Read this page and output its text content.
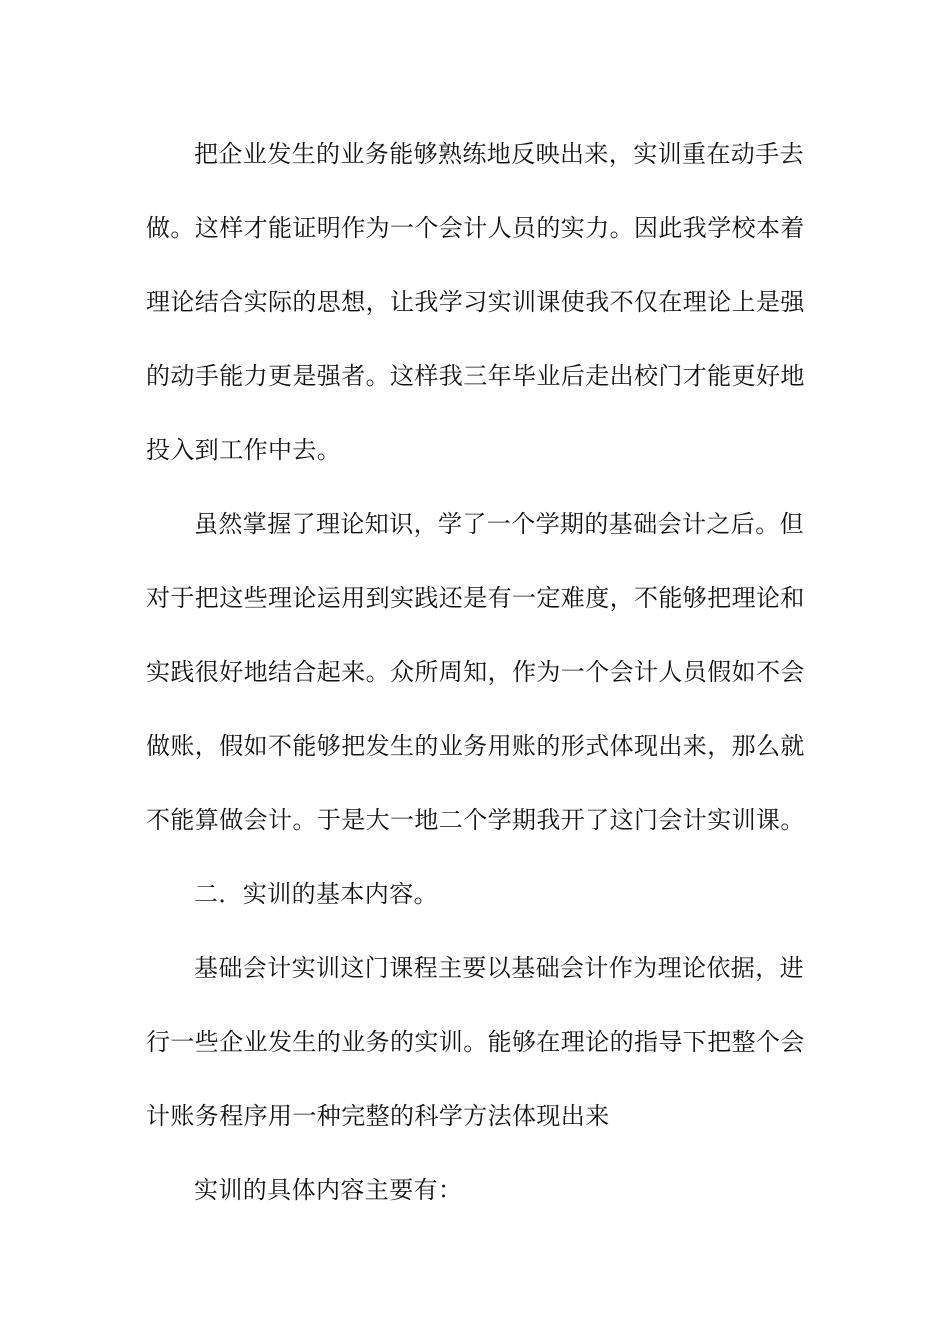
把企业发生的业务能够熟练地反映出来，实训重在动手去
做。这样才能证明作为一个会计人员的实力。因此我学校本着
理论结合实际的思想，让我学习实训课使我不仅在理论上是强
的动手能力更是强者。这样我三年毕业后走出校门才能更好地
投入到工作中去。
虽然掌握了理论知识，学了一个学期的基础会计之后。但
对于把这些理论运用到实践还是有一定难度，不能够把理论和
实践很好地结合起来。众所周知，作为一个会计人员假如不会
做账，假如不能够把发生的业务用账的形式体现出来，那么就
不能算做会计。于是大一地二个学期我开了这门会计实训课。
二．实训的基本内容。
基础会计实训这门课程主要以基础会计作为理论依据，进
行一些企业发生的业务的实训。能够在理论的指导下把整个会
计账务程序用一种完整的科学方法体现出来
实训的具体内容主要有：
